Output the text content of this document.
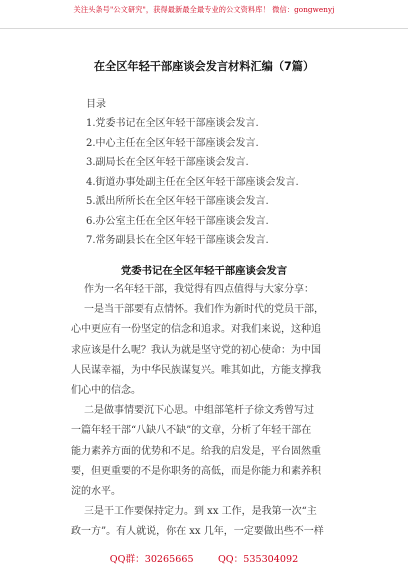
关注头条号"公文研究"，获得最新最全最专业的公文资料库！ 微信：gongwenyj
在全区年轻干部座谈会发言材料汇编（7篇）
目录
1.党委书记在全区年轻干部座谈会发言.
2.中心主任在全区年轻干部座谈会发言.
3.副局长在全区年轻干部座谈会发言.
4.街道办事处副主任在全区年轻干部座谈会发言.
5.派出所所长在全区年轻干部座谈会发言.
6.办公室主任在全区年轻干部座谈会发言.
7.常务副县长在全区年轻干部座谈会发言.
党委书记在全区年轻干部座谈会发言
作为一名年轻干部，我觉得有四点值得与大家分享：
一是当干部要有点情怀。我们作为新时代的党员干部，
心中更应有一份坚定的信念和追求。对我们来说，这种追
求应该是什么呢？我认为就是坚守党的初心使命：为中国
人民谋幸福，为中华民族谋复兴。唯其如此，方能支撑我
们心中的信念。
二是做事情要沉下心思。中组部笔杆子徐文秀曾写过
一篇年轻干部“八缺八不缺”的文章，分析了年轻干部在
能力素养方面的优势和不足。给我的启发是，平台固然重
要，但更重要的不是你职务的高低，而是你能力和素养积
淀的水平。
三是干工作要保持定力。到 xx 工作，是我第一次“主
政一方”。有人就说，你在 xx 几年，一定要做出些不一样
QQ群：30265665        QQ：535304092
